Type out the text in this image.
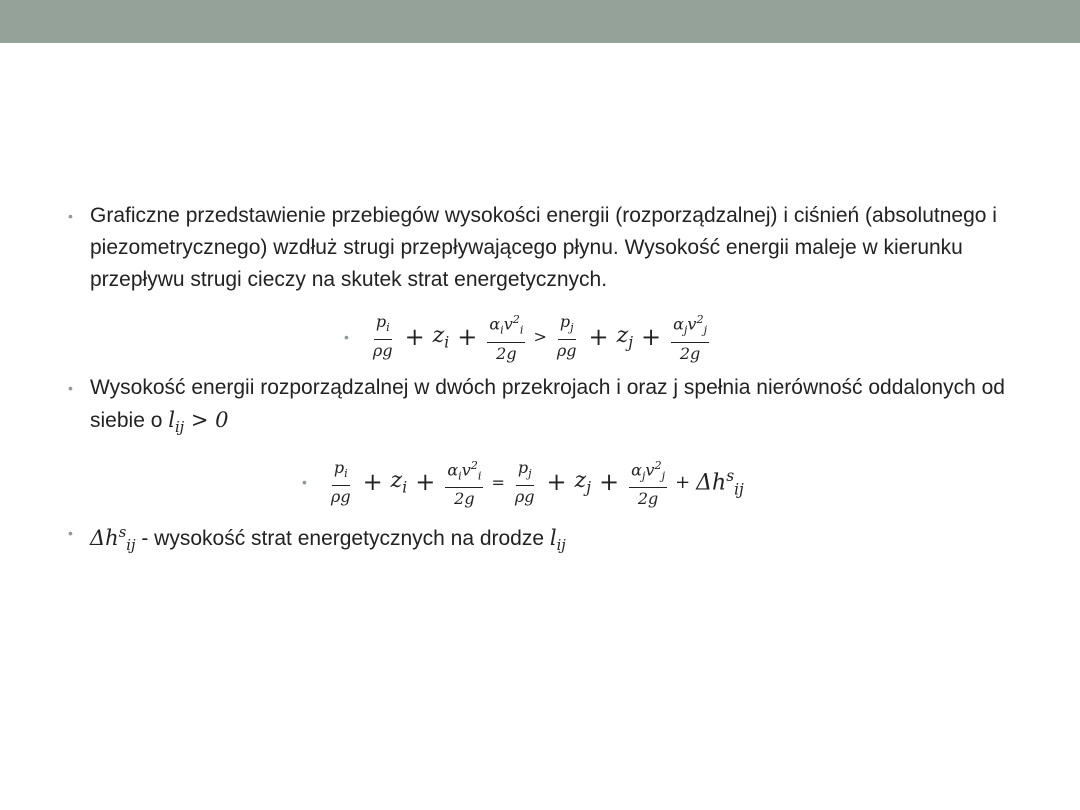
• Graficzne przedstawienie przebiegów wysokości energii (rozporządzalnej) i ciśnień (absolutnego i piezometrycznego) wzdłuż strugi przepływającego płynu. Wysokość energii maleje w kierunku przepływu strugi cieczy na skutek strat energetycznych.
• $\frac{p_i}{\rho g} + z_i + \frac{\alpha_iv^2_i}{2g} > \frac{p_j}{\rho g} + z_j + \frac{\alpha_jv^2_j}{2g}$
• Wysokość energii rozporządzalnej w dwóch przekrojach i oraz j spełnia nierówność oddalonych od siebie o $l_{ij} > 0$
• $\frac{p_i}{\rho g} + z_i + \frac{\alpha_iv^2_i}{2g} = \frac{p_j}{\rho g} + z_j + \frac{\alpha_jv^2_j}{2g} + \Delta h^s_{ij}$
• $\Delta h^s_{ij}$ - wysokość strat energetycznych na drodze $l_{ij}$
